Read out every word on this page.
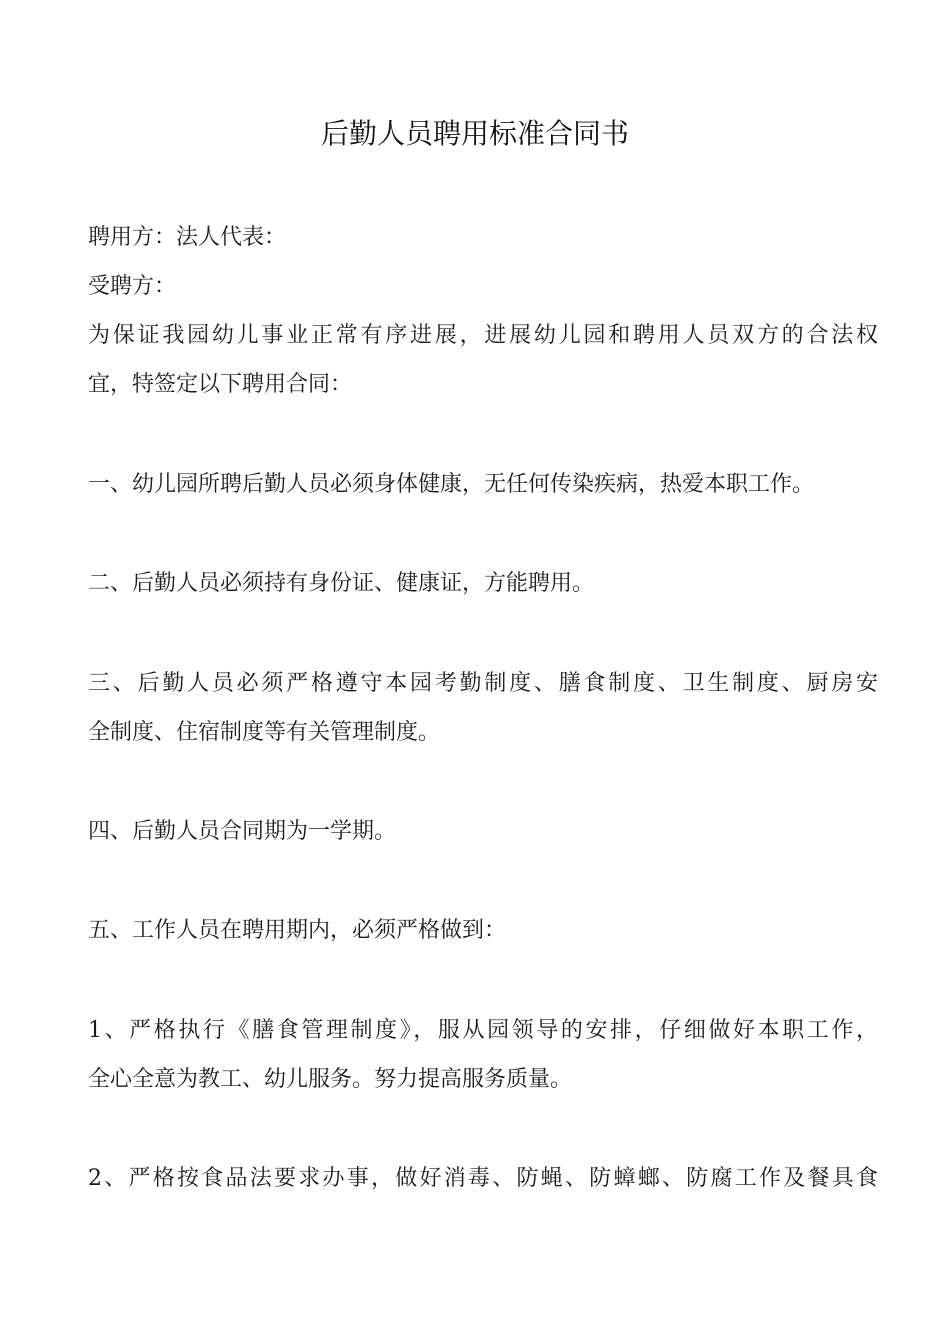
后勤人员聘用标准合同书

聘用方：法人代表：

受聘方：

为保证我园幼儿事业正常有序进展，进展幼儿园和聘用人员双方的合法权

宜，特签定以下聘用合同：

一、幼儿园所聘后勤人员必须身体健康，无任何传染疾病，热爱本职工作。

二、后勤人员必须持有身份证、健康证，方能聘用。

三、后勤人员必须严格遵守本园考勤制度、膳食制度、卫生制度、厨房安

全制度、住宿制度等有关管理制度。

四、后勤人员合同期为一学期。

五、工作人员在聘用期内，必须严格做到：

1、严格执行《膳食管理制度》，服从园领导的安排，仔细做好本职工作，

全心全意为教工、幼儿服务。努力提高服务质量。

2、严格按食品法要求办事，做好消毒、防蝇、防蟑螂、防腐工作及餐具食
